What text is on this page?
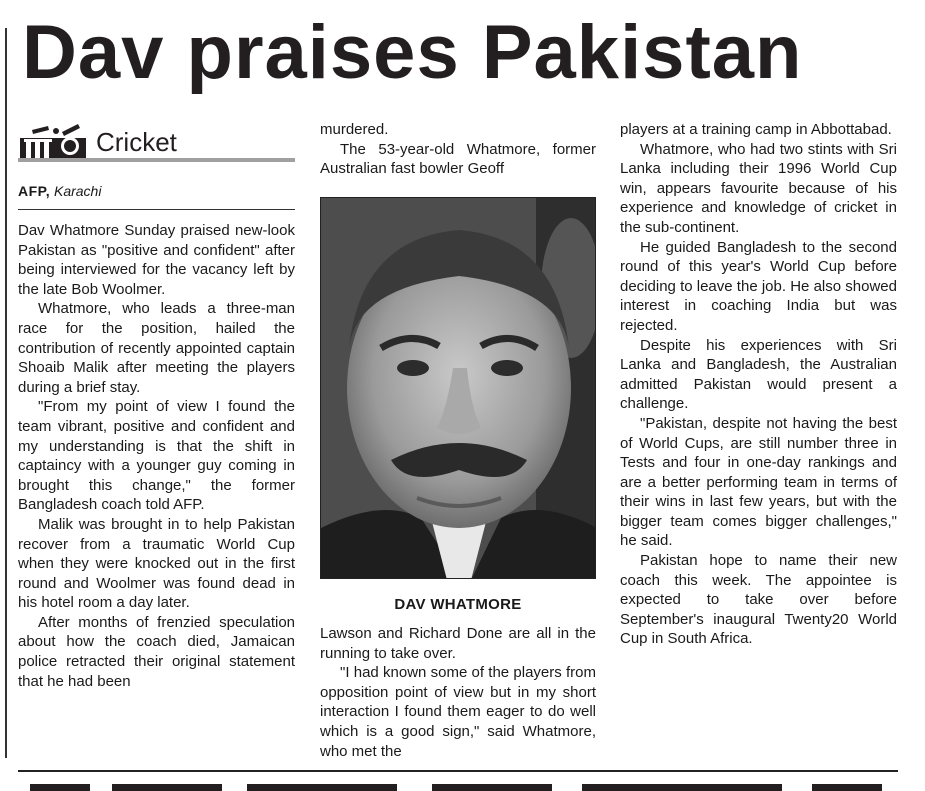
Dav praises Pakistan
Cricket
AFP, Karachi

Dav Whatmore Sunday praised new-look Pakistan as "positive and confident" after being interviewed for the vacancy left by the late Bob Woolmer.

Whatmore, who leads a three-man race for the position, hailed the contribution of recently appointed captain Shoaib Malik after meeting the players during a brief stay.

"From my point of view I found the team vibrant, positive and confident and my understanding is that the shift in captaincy with a younger guy coming in brought this change," the former Bangladesh coach told AFP.

Malik was brought in to help Pakistan recover from a traumatic World Cup when they were knocked out in the first round and Woolmer was found dead in his hotel room a day later.

After months of frenzied speculation about how the coach died, Jamaican police retracted their original statement that he had been

murdered.

The 53-year-old Whatmore, former Australian fast bowler Geoff

DAV WHATMORE

Lawson and Richard Done are all in the running to take over.

"I had known some of the players from opposition point of view but in my short interaction I found them eager to do well which is a good sign," said Whatmore, who met the

players at a training camp in Abbottabad.

Whatmore, who had two stints with Sri Lanka including their 1996 World Cup win, appears favourite because of his experience and knowledge of cricket in the sub-continent.

He guided Bangladesh to the second round of this year's World Cup before deciding to leave the job. He also showed interest in coaching India but was rejected.

Despite his experiences with Sri Lanka and Bangladesh, the Australian admitted Pakistan would present a challenge.

"Pakistan, despite not having the best of World Cups, are still number three in Tests and four in one-day rankings and are a better performing team in terms of their wins in last few years, but with the bigger team comes bigger challenges," he said.

Pakistan hope to name their new coach this week. The appointee is expected to take over before September's inaugural Twenty20 World Cup in South Africa.
